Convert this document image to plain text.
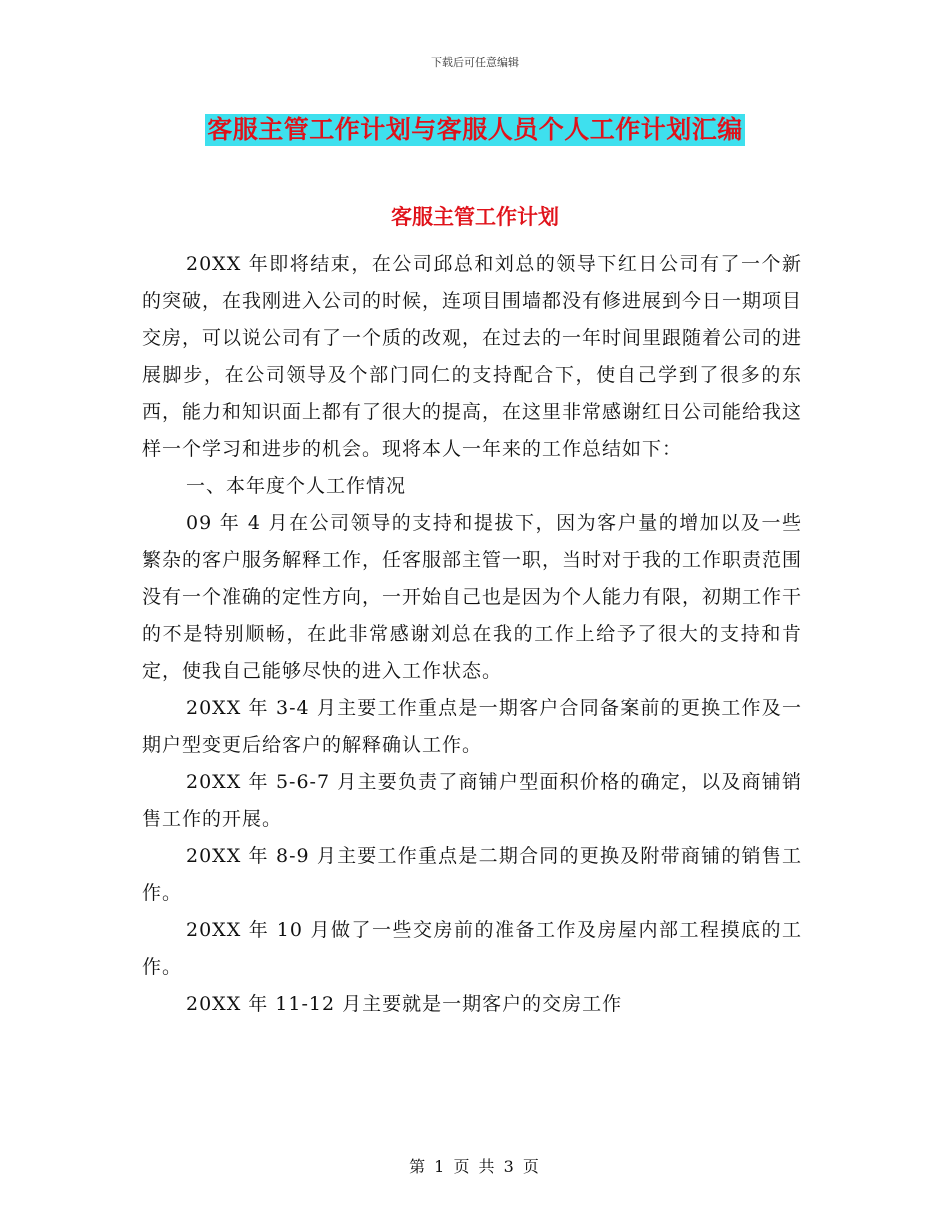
下载后可任意编辑
客服主管工作计划与客服人员个人工作计划汇编
客服主管工作计划

20XX 年即将结束，在公司邱总和刘总的领导下红日公司有了一个新的突破，在我刚进入公司的时候，连项目围墙都没有修进展到今日一期项目交房，可以说公司有了一个质的改观，在过去的一年时间里跟随着公司的进展脚步，在公司领导及个部门同仁的支持配合下，使自己学到了很多的东西，能力和知识面上都有了很大的提高，在这里非常感谢红日公司能给我这样一个学习和进步的机会。现将本人一年来的工作总结如下：

一、本年度个人工作情况

09 年 4 月在公司领导的支持和提拔下，因为客户量的增加以及一些繁杂的客户服务解释工作，任客服部主管一职，当时对于我的工作职责范围没有一个准确的定性方向，一开始自己也是因为个人能力有限，初期工作干的不是特别顺畅，在此非常感谢刘总在我的工作上给予了很大的支持和肯定，使我自己能够尽快的进入工作状态。

20XX 年 3-4 月主要工作重点是一期客户合同备案前的更换工作及一期户型变更后给客户的解释确认工作。

20XX 年 5-6-7 月主要负责了商铺户型面积价格的确定，以及商铺销售工作的开展。

20XX 年 8-9 月主要工作重点是二期合同的更换及附带商铺的销售工作。

20XX 年 10 月做了一些交房前的准备工作及房屋内部工程摸底的工作。

20XX 年 11-12 月主要就是一期客户的交房工作

第 1 页 共 3 页
